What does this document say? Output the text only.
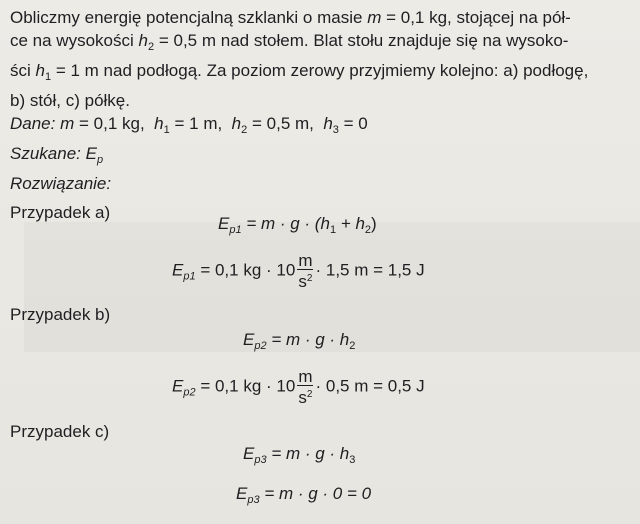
Obliczmy energię potencjalną szklanki o masie m = 0,1 kg, stojącej na pół-
ce na wysokości $h_2 = 0,5$ m nad stołem. Blat stołu znajduje się na wysoko-
ści $h_1 = 1$ m nad podłogą. Za poziom zerowy przyjmiemy kolejno: a) podłogę,
b) stół, c) półkę.

Dane: m = 0,1 kg, $h_1 = 1$ m, $h_2 = 0,5$ m, $h_3 = 0$

Szukane: $E_p$

Rozwiązanie:

Przypadek a)

$E_{p1} = m \cdot g \cdot (h_1 + h_2)$
$E_{p1} = 0,1$ kg · $10 \frac{m}{s^2} \cdot 1,5$ m = 1,5 J
Przypadek b)
$E_{p2} = m \cdot g \cdot h_2$
$E_{p2} = 0,1$ kg · $10 \frac{m}{s^2} \cdot 0,5$ m = 0,5 J
Przypadek c)
$E_{p3} = m \cdot g \cdot h_3$
$E_{p3} = m \cdot g \cdot 0 = 0$
